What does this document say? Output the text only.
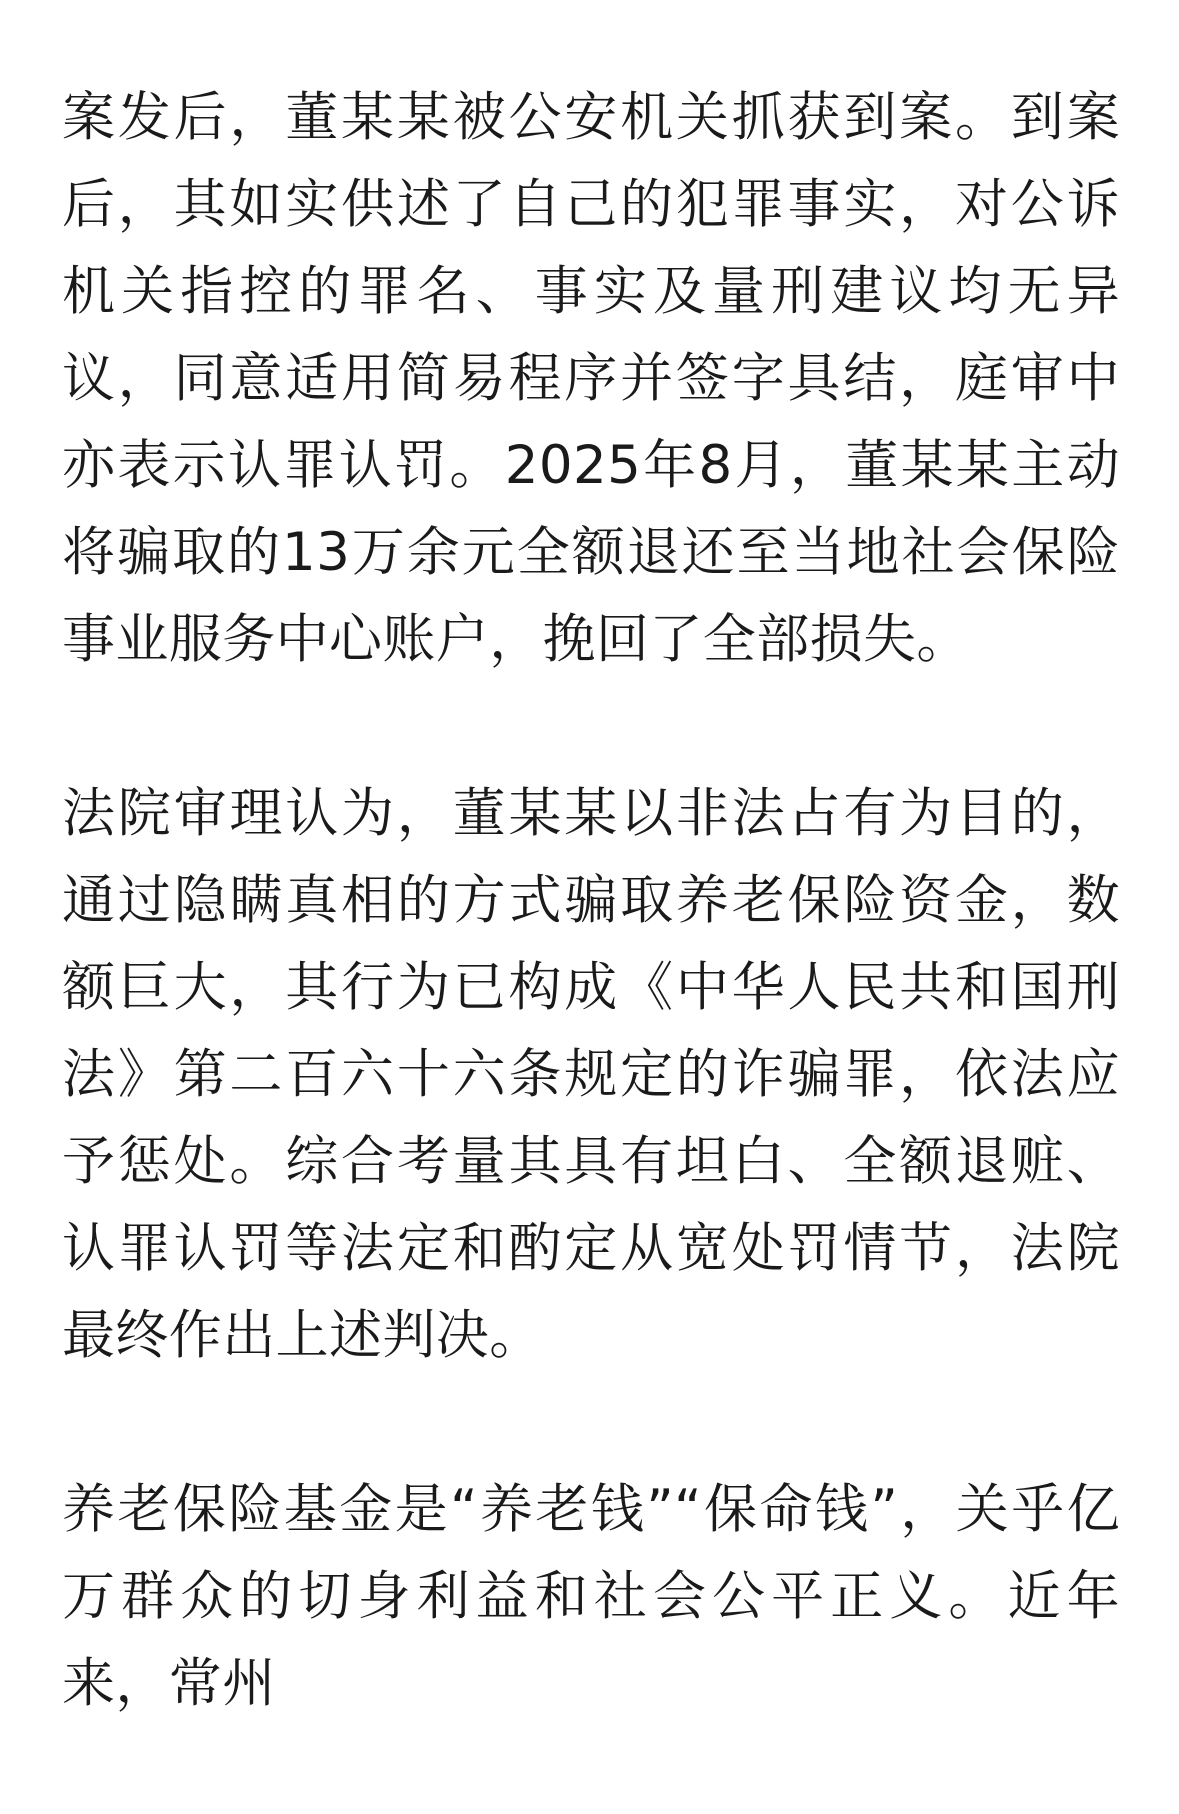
案发后，董某某被公安机关抓获到案。到案后，其如实供述了自己的犯罪事实，对公诉机关指控的罪名、事实及量刑建议均无异议，同意适用简易程序并签字具结，庭审中亦表示认罪认罚。2025年8月，董某某主动将骗取的13万余元全额退还至当地社会保险事业服务中心账户，挽回了全部损失。

法院审理认为，董某某以非法占有为目的，通过隐瞒真相的方式骗取养老保险资金，数额巨大，其行为已构成《中华人民共和国刑法》第二百六十六条规定的诈骗罪，依法应予惩处。综合考量其具有坦白、全额退赃、认罪认罚等法定和酌定从宽处罚情节，法院最终作出上述判决。

养老保险基金是“养老钱”“保命钱”，关乎亿万群众的切身利益和社会公平正义。近年来，常州
